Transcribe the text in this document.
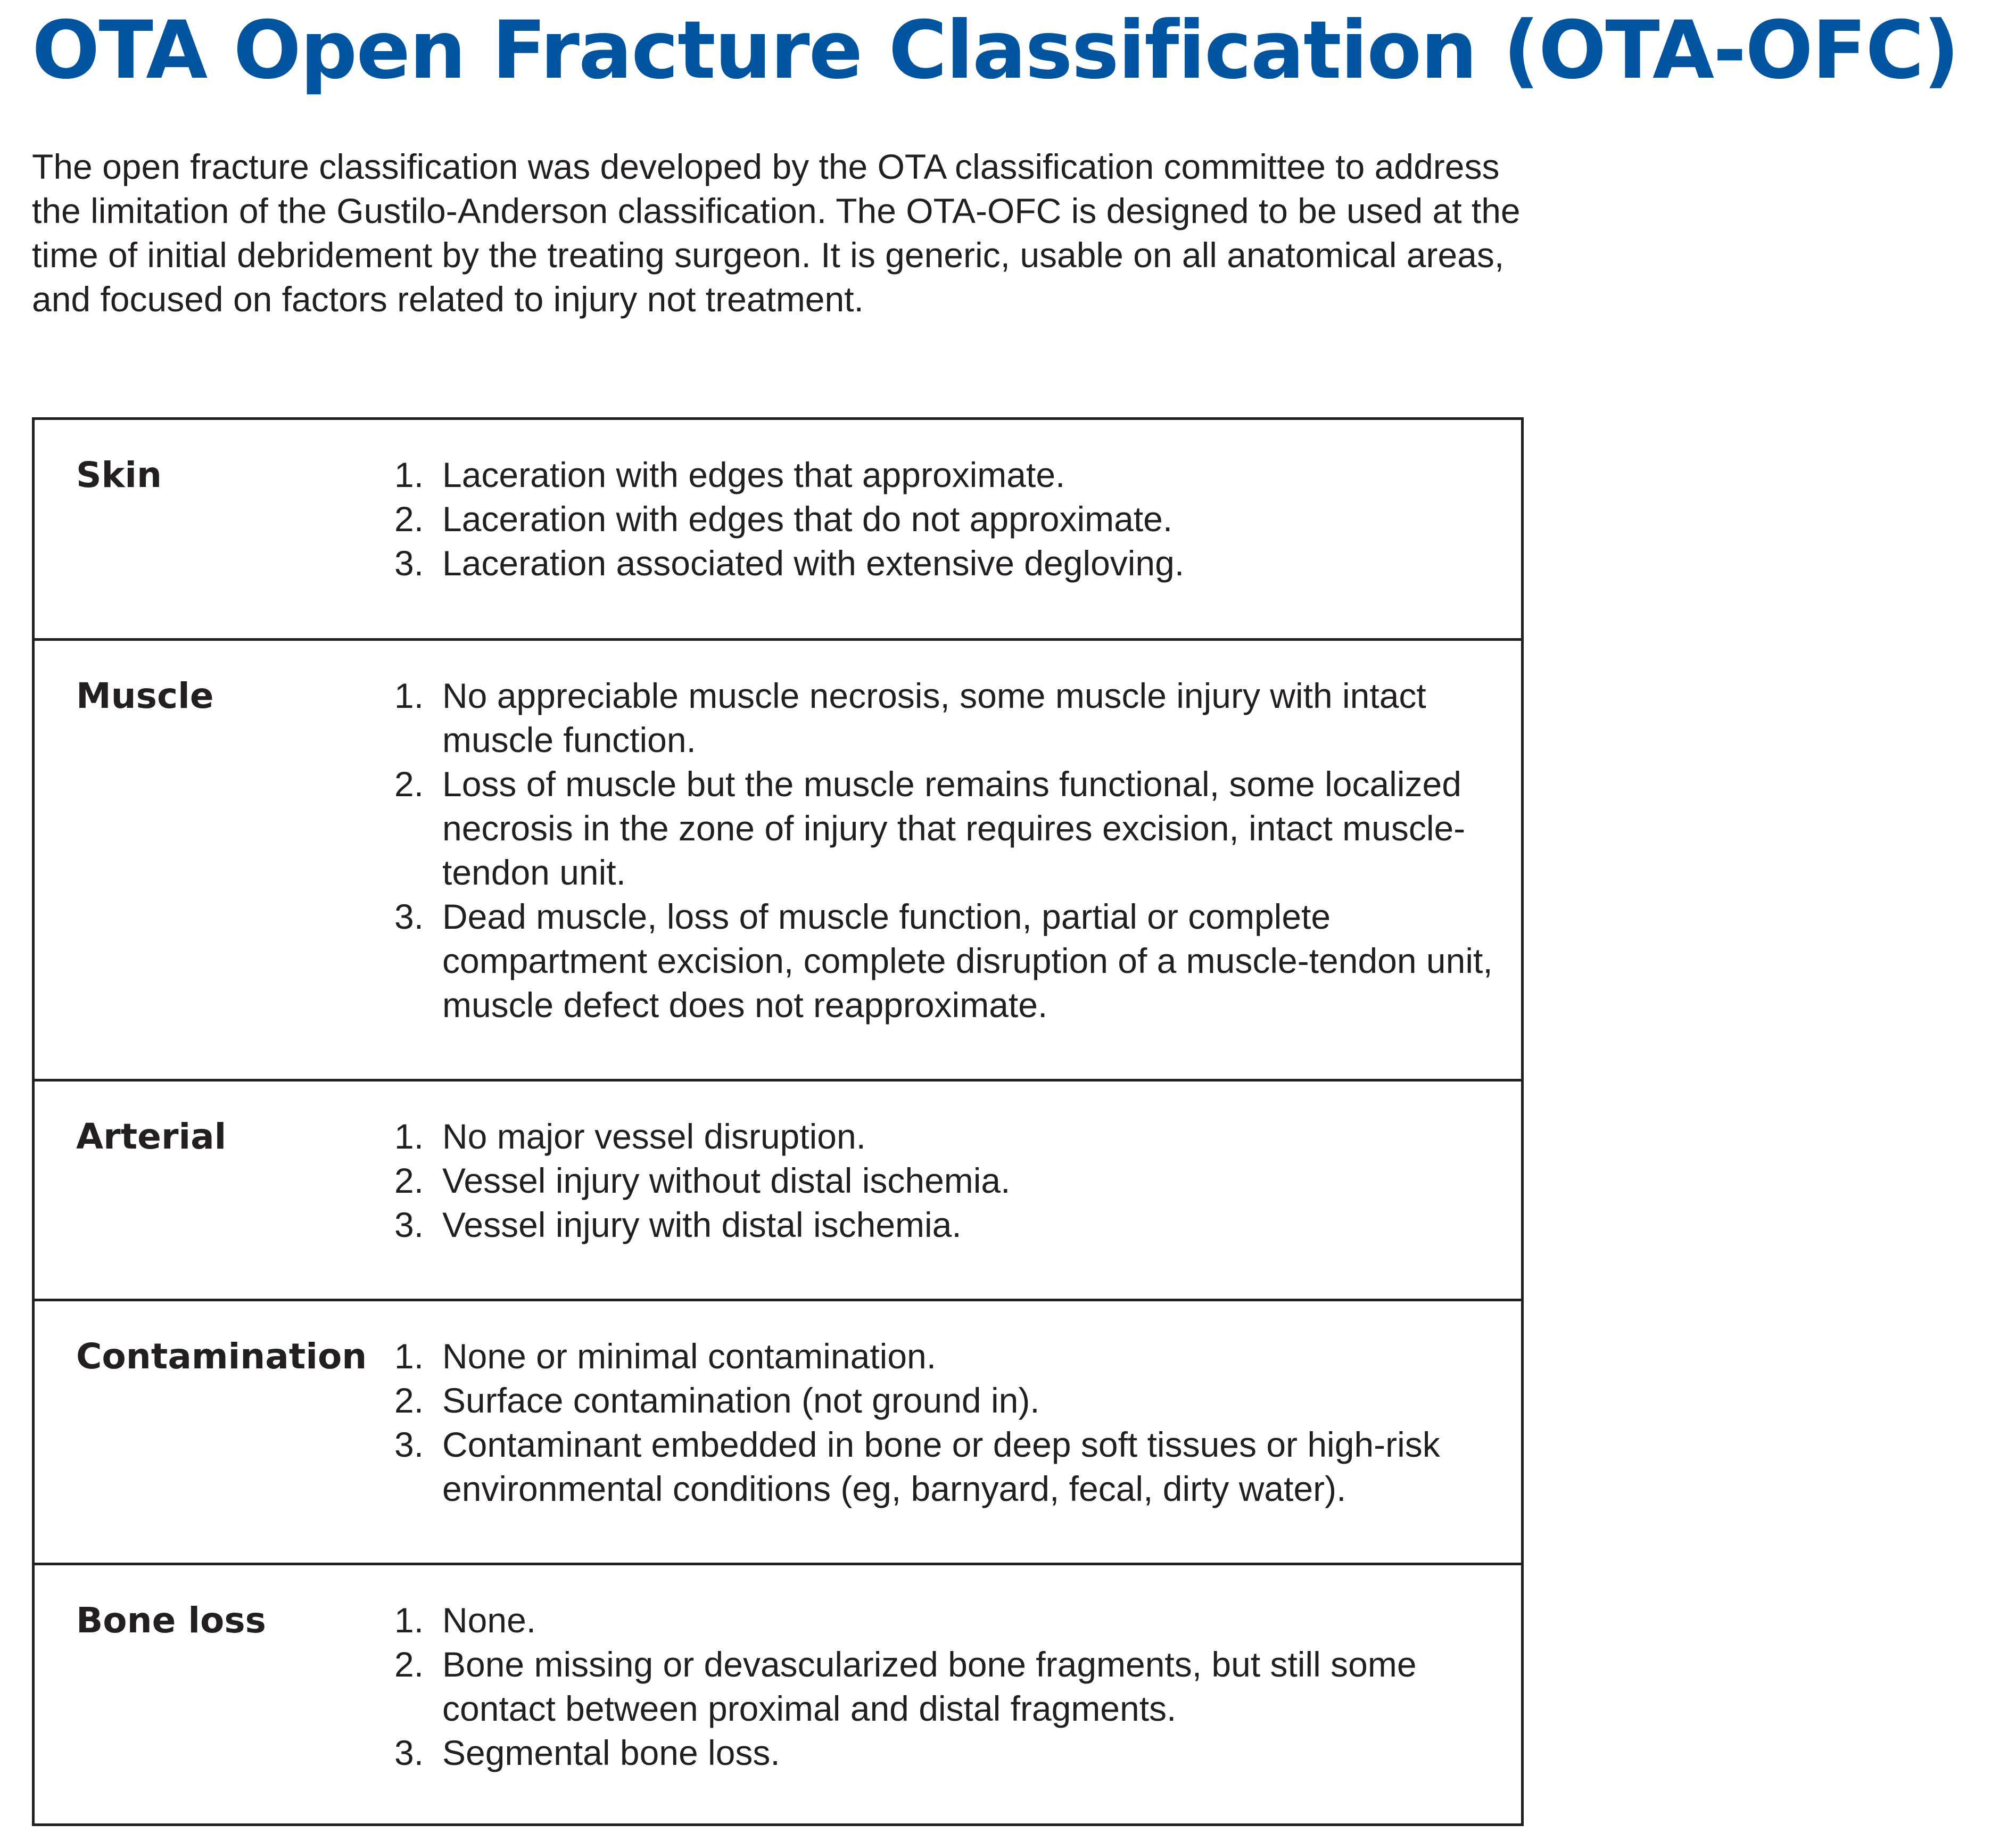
OTA Open Fracture Classification (OTA-OFC)

The open fracture classification was developed by the OTA classification committee to address the limitation of the Gustilo-Anderson classification. The OTA-OFC is designed to be used at the time of initial debridement by the treating surgeon. It is generic, usable on all anatomical areas, and focused on factors related to injury not treatment.

Skin	1. Laceration with edges that approximate.
2. Laceration with edges that do not approximate.
3. Laceration associated with extensive degloving.
Muscle	1. No appreciable muscle necrosis, some muscle injury with intact muscle function.
2. Loss of muscle but the muscle remains functional, some localized necrosis in the zone of injury that requires excision, intact muscle-tendon unit.
3. Dead muscle, loss of muscle function, partial or complete compartment excision, complete disruption of a muscle-tendon unit, muscle defect does not reapproximate.
Arterial	1. No major vessel disruption.
2. Vessel injury without distal ischemia.
3. Vessel injury with distal ischemia.
Contamination 1. None or minimal contamination.
2. Surface contamination (not ground in).
3. Contaminant embedded in bone or deep soft tissues or high-risk environmental conditions (eg, barnyard, fecal, dirty water).
Bone loss	1. None.
2. Bone missing or devascularized bone fragments, but still some contact between proximal and distal fragments.
3. Segmental bone loss.
